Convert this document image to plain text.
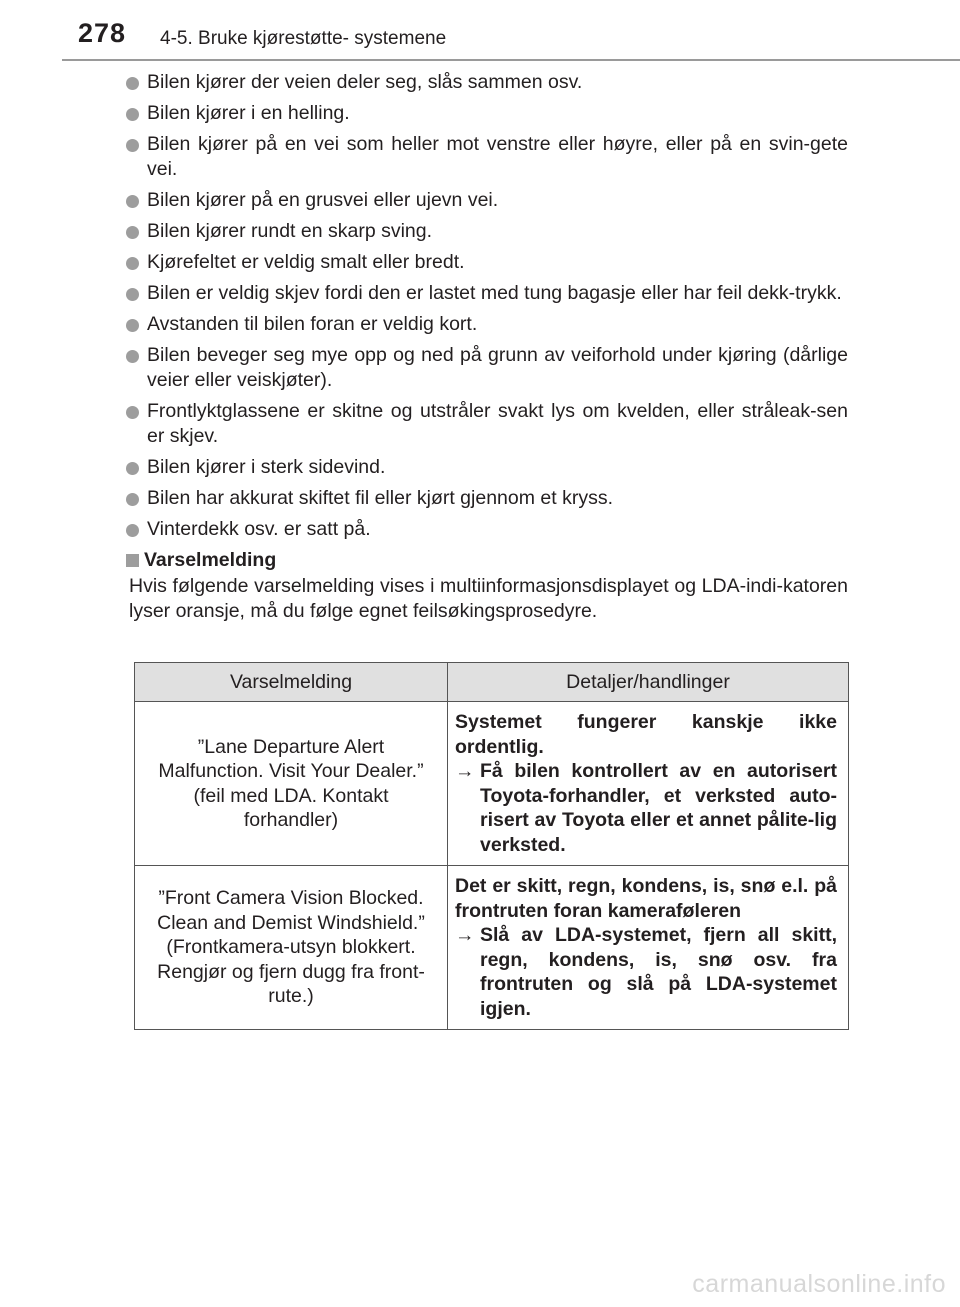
278 4-5. Bruke kjørestøtte- systemene
Bilen kjører der veien deler seg, slås sammen osv.
Bilen kjører i en helling.
Bilen kjører på en vei som heller mot venstre eller høyre, eller på en svin-gete vei.
Bilen kjører på en grusvei eller ujevn vei.
Bilen kjører rundt en skarp sving.
Kjørefeltet er veldig smalt eller bredt.
Bilen er veldig skjev fordi den er lastet med tung bagasje eller har feil dekk-trykk.
Avstanden til bilen foran er veldig kort.
Bilen beveger seg mye opp og ned på grunn av veiforhold under kjøring (dårlige veier eller veiskjøter).
Frontlyktglassene er skitne og utstråler svakt lys om kvelden, eller stråleak-sen er skjev.
Bilen kjører i sterk sidevind.
Bilen har akkurat skiftet fil eller kjørt gjennom et kryss.
Vinterdekk osv. er satt på.
Varselmelding
Hvis følgende varselmelding vises i multiinformasjonsdisplayet og LDA-indi-katoren lyser oransje, må du følge egnet feilsøkingsprosedyre.
Varselmelding	Detaljer/handlinger
”Lane Departure Alert Malfunction. Visit Your Dealer.” (feil med LDA. Kontakt forhandler)	Systemet fungerer kanskje ikke ordentlig.
→ Få bilen kontrollert av en autorisert Toyota-forhandler, et verksted auto-risert av Toyota eller et annet pålite-lig verksted.

”Front Camera Vision Blocked. Clean and Demist Windshield.” (Frontkamera-utsyn blokkert. Rengjør og fjern dugg fra front-rute.)	Det er skitt, regn, kondens, is, snø e.l. på frontruten foran kameraføleren
→ Slå av LDA-systemet, fjern all skitt, regn, kondens, is, snø osv. fra frontruten og slå på LDA-systemet igjen.
carmanualsonline.info
